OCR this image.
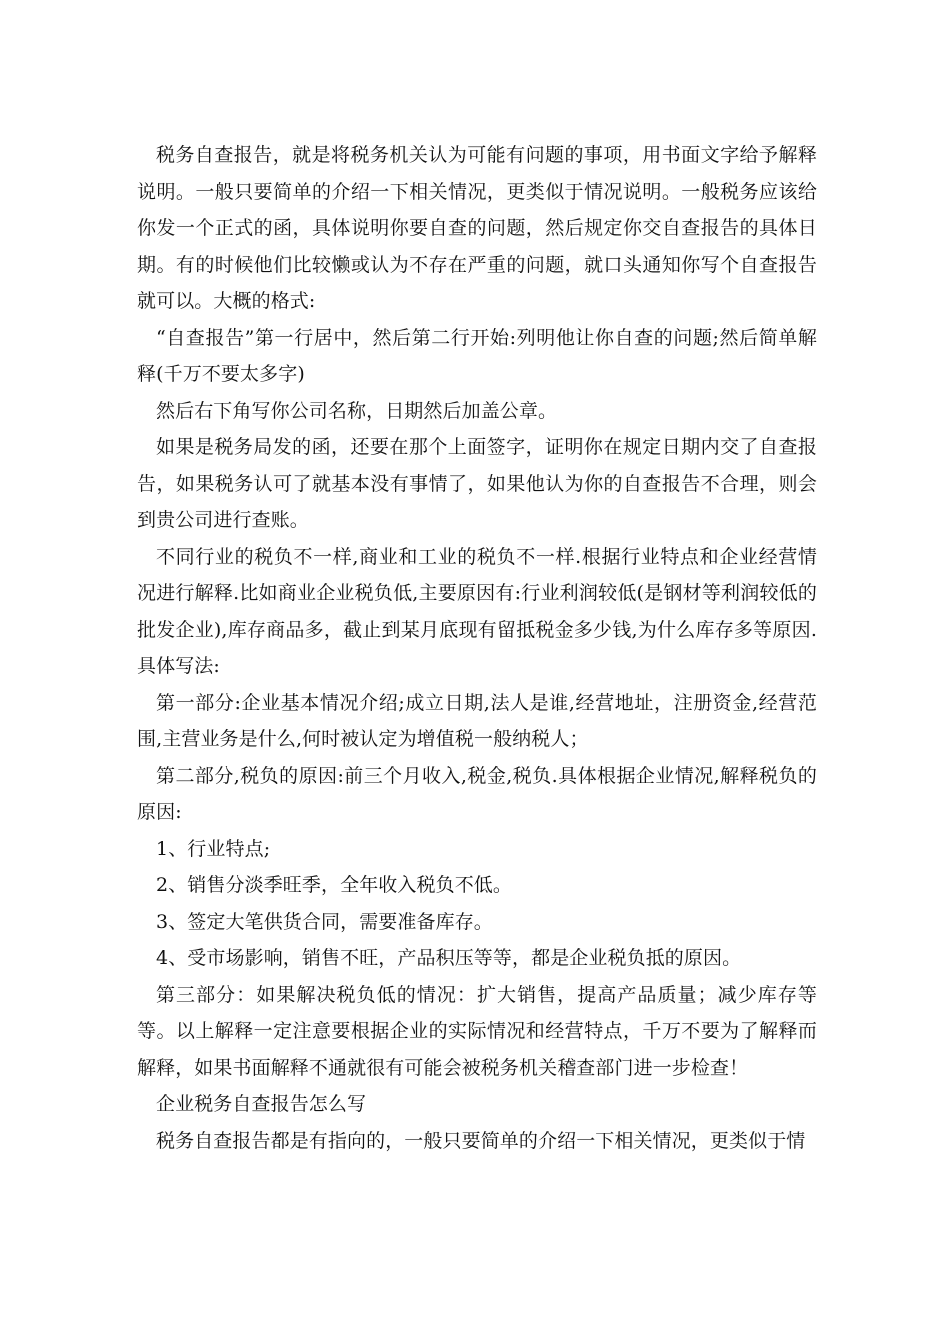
税务自查报告，就是将税务机关认为可能有问题的事项，用书面文字给予解释说明。一般只要简单的介绍一下相关情况，更类似于情况说明。一般税务应该给你发一个正式的函，具体说明你要自查的问题，然后规定你交自查报告的具体日期。有的时候他们比较懒或认为不存在严重的问题，就口头通知你写个自查报告就可以。大概的格式:

“自查报告”第一行居中，然后第二行开始:列明他让你自查的问题;然后简单解释(千万不要太多字)

然后右下角写你公司名称，日期然后加盖公章。

如果是税务局发的函，还要在那个上面签字，证明你在规定日期内交了自查报告，如果税务认可了就基本没有事情了，如果他认为你的自查报告不合理，则会到贵公司进行查账。

不同行业的税负不一样,商业和工业的税负不一样.根据行业特点和企业经营情况进行解释.比如商业企业税负低,主要原因有:行业利润较低(是钢材等利润较低的批发企业),库存商品多，截止到某月底现有留抵税金多少钱,为什么库存多等原因.具体写法:

第一部分:企业基本情况介绍;成立日期,法人是谁,经营地址，注册资金,经营范围,主营业务是什么,何时被认定为增值税一般纳税人；

第二部分,税负的原因:前三个月收入,税金,税负.具体根据企业情况,解释税负的原因:

1、行业特点;

2、销售分淡季旺季，全年收入税负不低。

3、签定大笔供货合同，需要准备库存。

4、受市场影响，销售不旺，产品积压等等，都是企业税负抵的原因。

第三部分：如果解决税负低的情况：扩大销售，提高产品质量；减少库存等等。以上解释一定注意要根据企业的实际情况和经营特点，千万不要为了解释而解释，如果书面解释不通就很有可能会被税务机关稽查部门进一步检查！

企业税务自查报告怎么写

税务自查报告都是有指向的，一般只要简单的介绍一下相关情况，更类似于情
